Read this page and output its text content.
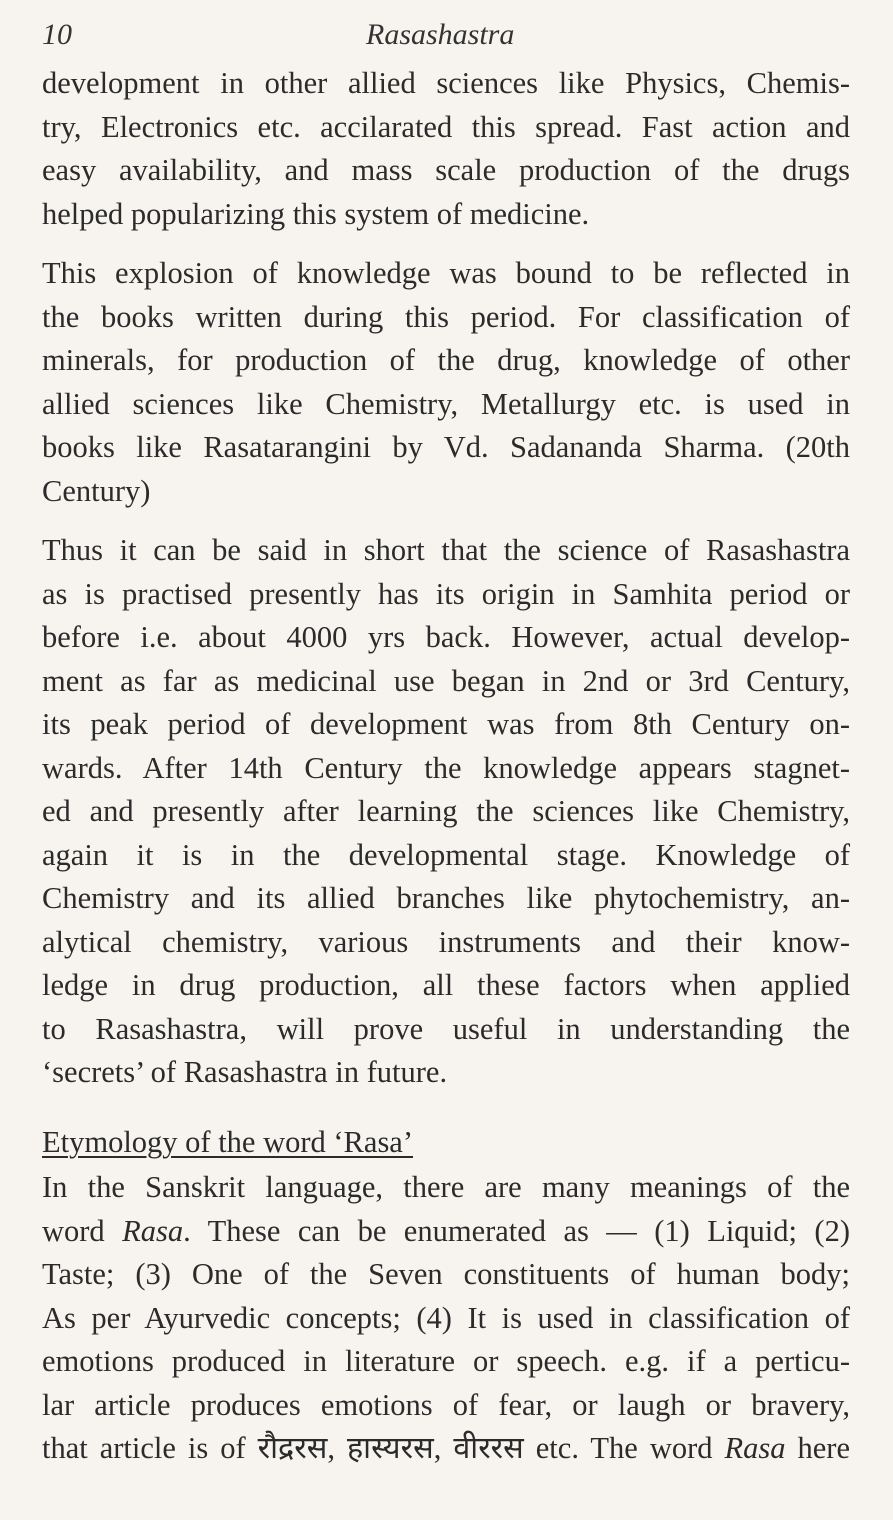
10	Rasashastra
development in other allied sciences like Physics, Chemis-
try, Electronics etc. accilarated this spread. Fast action and
easy availability, and mass scale production of the drugs
helped popularizing this system of medicine.
This explosion of knowledge was bound to be reflected in
the books written during this period. For classification of
minerals, for production of the drug, knowledge of other
allied sciences like Chemistry, Metallurgy etc. is used in
books like Rasatarangini by Vd. Sadananda Sharma. (20th
Century)
Thus it can be said in short that the science of Rasashastra
as is practised presently has its origin in Samhita period or
before i.e. about 4000 yrs back. However, actual develop-
ment as far as medicinal use began in 2nd or 3rd Century,
its peak period of development was from 8th Century on-
wards. After 14th Century the knowledge appears stagnet-
ed and presently after learning the sciences like Chemistry,
again it is in the developmental stage. Knowledge of
Chemistry and its allied branches like phytochemistry, an-
alytical chemistry, various instruments and their know-
ledge in drug production, all these factors when applied
to Rasashastra, will prove useful in understanding the
‘secrets’ of Rasashastra in future.
Etymology of the word ‘Rasa’
In the Sanskrit language, there are many meanings of the
word Rasa. These can be enumerated as — (1) Liquid; (2)
Taste; (3) One of the Seven constituents of human body;
As per Ayurvedic concepts; (4) It is used in classification of
emotions produced in literature or speech. e.g. if a perticu-
lar article produces emotions of fear, or laugh or bravery,
that article is of रौद्ररस, हास्यरस, वीररस etc. The word Rasa here
